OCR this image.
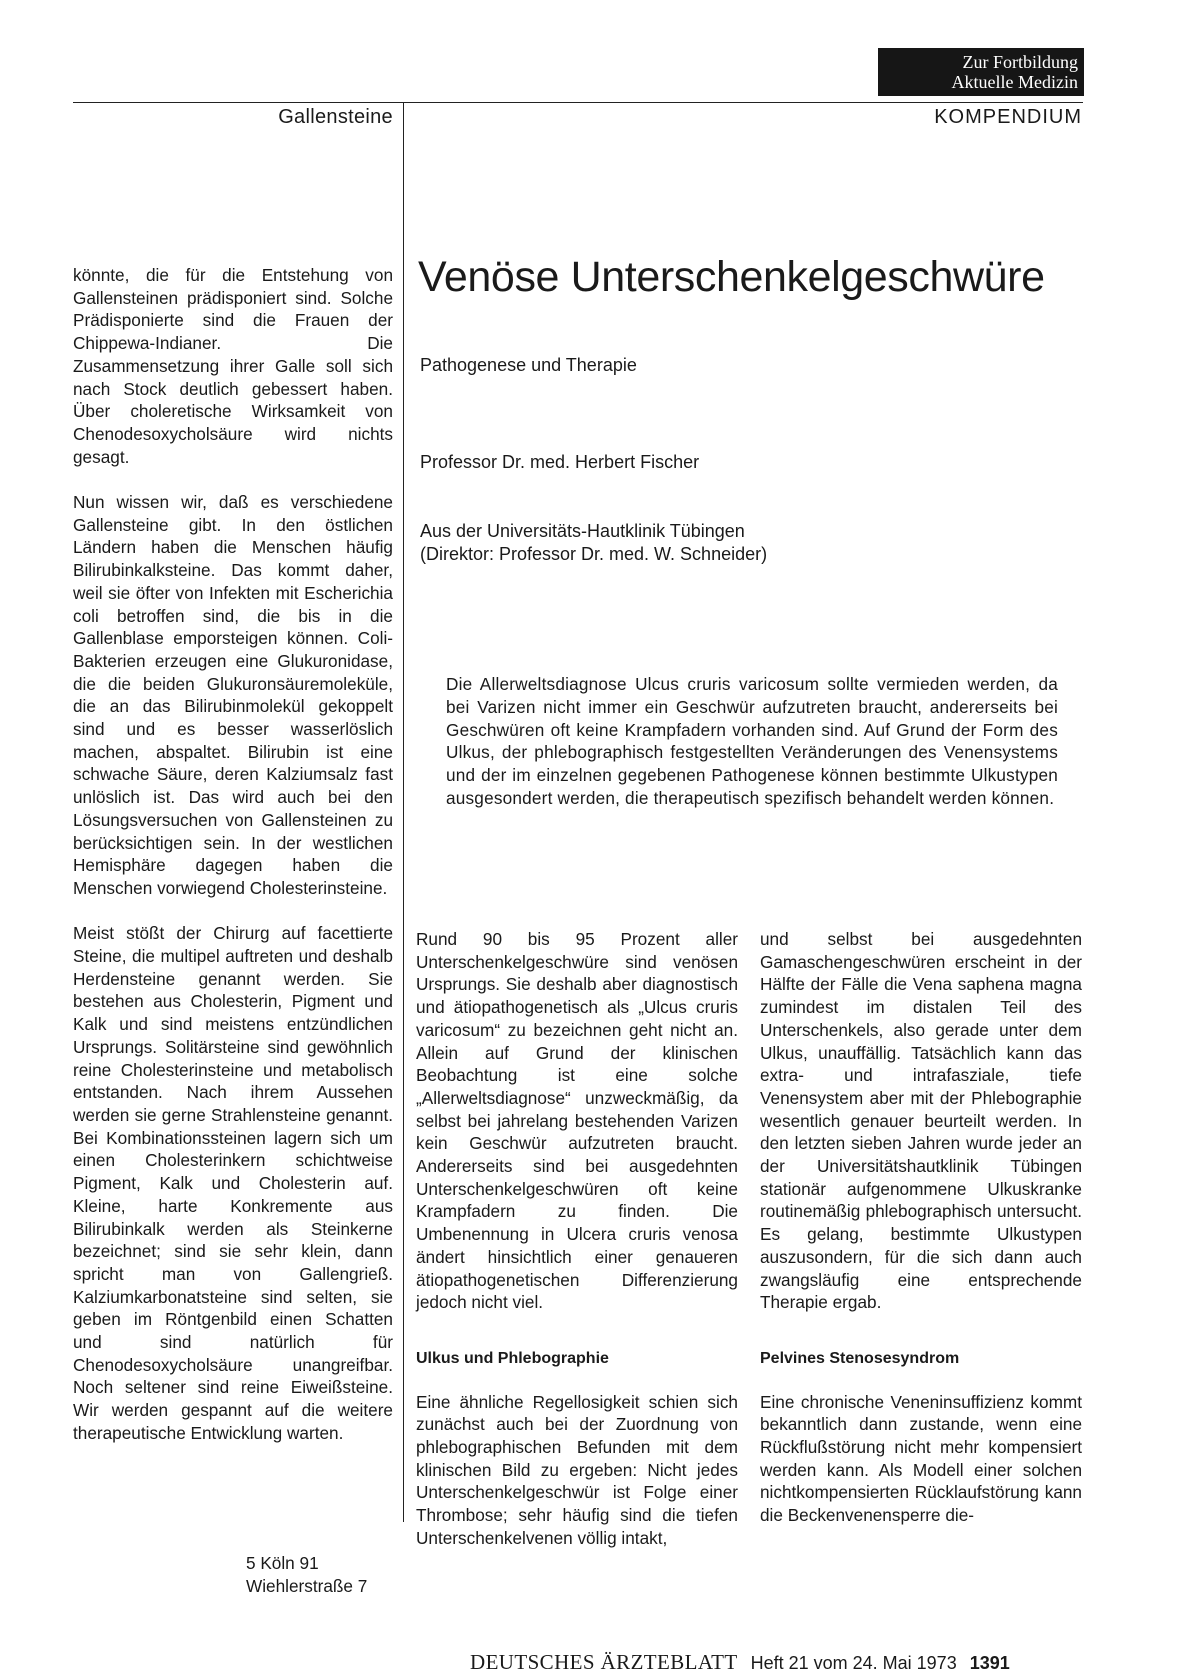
Zur Fortbildung
Aktuelle Medizin
Gallensteine	KOMPENDIUM

könnte, die für die Entstehung von Gallensteinen prädisponiert sind. Solche Prädisponierte sind die Frauen der Chippewa-Indianer. Die Zusammensetzung ihrer Galle soll sich nach Stock deutlich gebessert haben. Über choleretische Wirksamkeit von Chenodesoxycholsäure wird nichts gesagt.

Nun wissen wir, daß es verschiedene Gallensteine gibt. In den östlichen Ländern haben die Menschen häufig Bilirubinkalksteine. Das kommt daher, weil sie öfter von Infekten mit Escherichia coli betroffen sind, die bis in die Gallenblase emporsteigen können. Coli-Bakterien erzeugen eine Glukuronidase, die die beiden Glukuronsäuremoleküle, die an das Bilirubinmolekül gekoppelt sind und es besser wasserlöslich machen, abspaltet. Bilirubin ist eine schwache Säure, deren Kalziumsalz fast unlöslich ist. Das wird auch bei den Lösungsversuchen von Gallensteinen zu berücksichtigen sein. In der westlichen Hemisphäre dagegen haben die Menschen vorwiegend Cholesterinsteine.

Meist stößt der Chirurg auf facettierte Steine, die multipel auftreten und deshalb Herdensteine genannt werden. Sie bestehen aus Cholesterin, Pigment und Kalk und sind meistens entzündlichen Ursprungs. Solitärsteine sind gewöhnlich reine Cholesterinsteine und metabolisch entstanden. Nach ihrem Aussehen werden sie gerne Strahlensteine genannt. Bei Kombinationssteinen lagern sich um einen Cholesterinkern schichtweise Pigment, Kalk und Cholesterin auf. Kleine, harte Konkremente aus Bilirubinkalk werden als Steinkerne bezeichnet; sind sie sehr klein, dann spricht man von Gallengrieß. Kalziumkarbonatsteine sind selten, sie geben im Röntgenbild einen Schatten und sind natürlich für Chenodesoxycholsäure unangreifbar. Noch seltener sind reine Eiweißsteine. Wir werden gespannt auf die weitere therapeutische Entwicklung warten.

5 Köln 91
Wiehlerstraße 7
Venöse Unterschenkelgeschwüre
Pathogenese und Therapie
Professor Dr. med. Herbert Fischer
Aus der Universitäts-Hautklinik Tübingen
(Direktor: Professor Dr. med. W. Schneider)
Die Allerweltsdiagnose Ulcus cruris varicosum sollte vermieden werden, da bei Varizen nicht immer ein Geschwür aufzutreten braucht, andererseits bei Geschwüren oft keine Krampfadern vorhanden sind. Auf Grund der Form des Ulkus, der phlebographisch festgestellten Veränderungen des Venensystems und der im einzelnen gegebenen Pathogenese können bestimmte Ulkustypen ausgesondert werden, die therapeutisch spezifisch behandelt werden können.

Rund 90 bis 95 Prozent aller Unterschenkelgeschwüre sind venösen Ursprungs. Sie deshalb aber diagnostisch und ätiopathogenetisch als „Ulcus cruris varicosum“ zu bezeichnen geht nicht an. Allein auf Grund der klinischen Beobachtung ist eine solche „Allerweltsdiagnose“ unzweckmäßig, da selbst bei jahrelang bestehenden Varizen kein Geschwür aufzutreten braucht. Andererseits sind bei ausgedehnten Unterschenkelgeschwüren oft keine Krampfadern zu finden. Die Umbenennung in Ulcera cruris venosa ändert hinsichtlich einer genaueren ätiopathogenetischen Differenzierung jedoch nicht viel.

Ulkus und Phlebographie

Eine ähnliche Regellosigkeit schien sich zunächst auch bei der Zuordnung von phlebographischen Befunden mit dem klinischen Bild zu ergeben: Nicht jedes Unterschenkelgeschwür ist Folge einer Thrombose; sehr häufig sind die tiefen Unterschenkelvenen völlig intakt,

und selbst bei ausgedehnten Gamaschengeschwüren erscheint in der Hälfte der Fälle die Vena saphena magna zumindest im distalen Teil des Unterschenkels, also gerade unter dem Ulkus, unauffällig. Tatsächlich kann das extra- und intrafasziale, tiefe Venensystem aber mit der Phlebographie wesentlich genauer beurteilt werden. In den letzten sieben Jahren wurde jeder an der Universitätshautklinik Tübingen stationär aufgenommene Ulkuskranke routinemäßig phlebographisch untersucht. Es gelang, bestimmte Ulkustypen auszusondern, für die sich dann auch zwangsläufig eine entsprechende Therapie ergab.

Pelvines Stenosesyndrom

Eine chronische Veneninsuffizienz kommt bekanntlich dann zustande, wenn eine Rückflußstörung nicht mehr kompensiert werden kann. Als Modell einer solchen nichtkompensierten Rücklaufstörung kann die Beckenvenensperre die-

DEUTSCHES ÄRZTEBLATT Heft 21 vom 24. Mai 1973 1391
